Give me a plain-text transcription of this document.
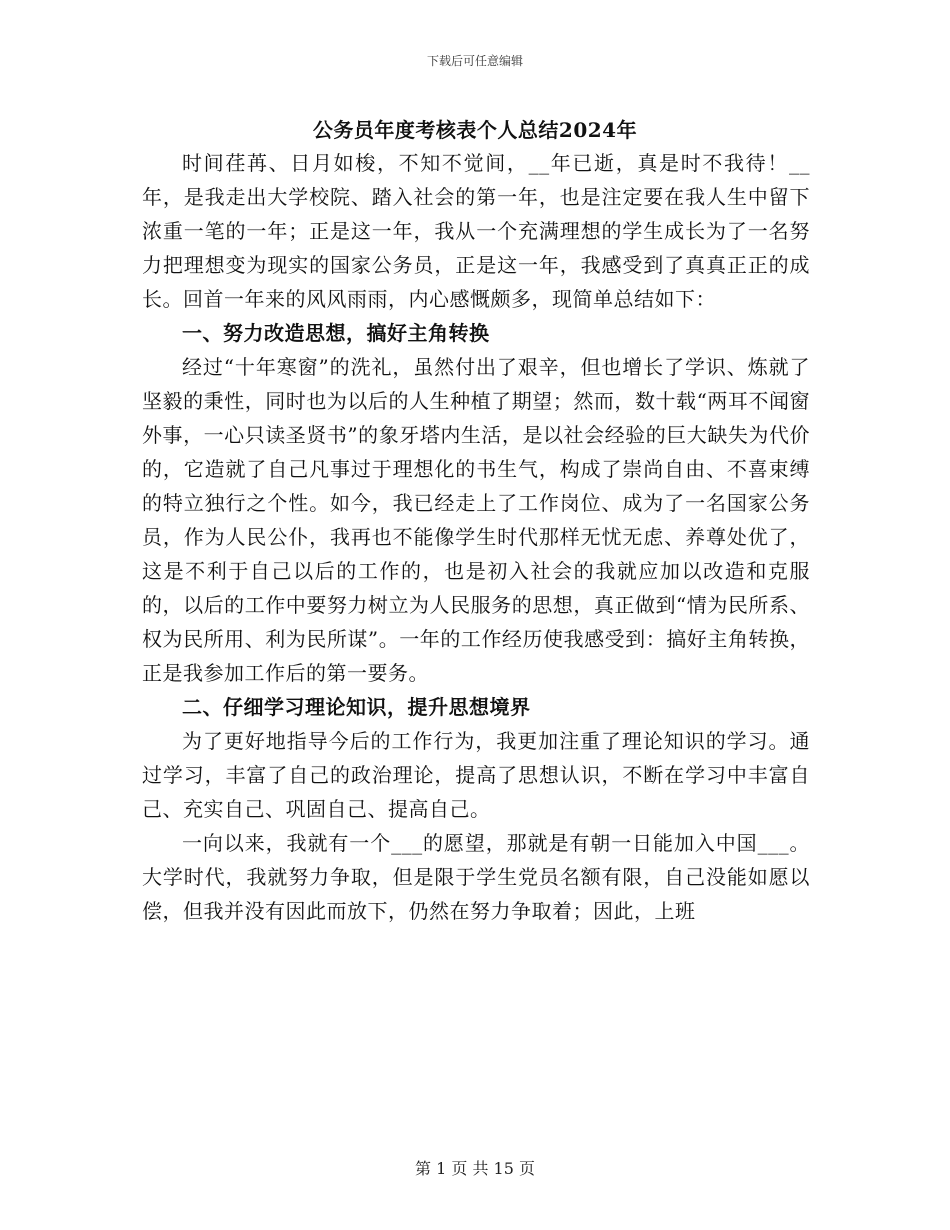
下载后可任意编辑
公务员年度考核表个人总结2024年

时间荏苒、日月如梭，不知不觉间，__年已逝，真是时不我待！__年，是我走出大学校院、踏入社会的第一年，也是注定要在我人生中留下浓重一笔的一年；正是这一年，我从一个充满理想的学生成长为了一名努力把理想变为现实的国家公务员，正是这一年，我感受到了真真正正的成长。回首一年来的风风雨雨，内心感慨颇多，现简单总结如下：

一、努力改造思想，搞好主角转换

经过“十年寒窗”的洗礼，虽然付出了艰辛，但也增长了学识、炼就了坚毅的秉性，同时也为以后的人生种植了期望；然而，数十载“两耳不闻窗外事，一心只读圣贤书”的象牙塔内生活，是以社会经验的巨大缺失为代价的，它造就了自己凡事过于理想化的书生气，构成了崇尚自由、不喜束缚的特立独行之个性。如今，我已经走上了工作岗位、成为了一名国家公务员，作为人民公仆，我再也不能像学生时代那样无忧无虑、养尊处优了，这是不利于自己以后的工作的，也是初入社会的我就应加以改造和克服的，以后的工作中要努力树立为人民服务的思想，真正做到“情为民所系、权为民所用、利为民所谋”。一年的工作经历使我感受到：搞好主角转换，正是我参加工作后的第一要务。

二、仔细学习理论知识，提升思想境界

为了更好地指导今后的工作行为，我更加注重了理论知识的学习。通过学习，丰富了自己的政治理论，提高了思想认识，不断在学习中丰富自己、充实自己、巩固自己、提高自己。

一向以来，我就有一个___的愿望，那就是有朝一日能加入中国___。大学时代，我就努力争取，但是限于学生党员名额有限，自己没能如愿以偿，但我并没有因此而放下，仍然在努力争取着；因此，上班

第 1 页 共 15 页
